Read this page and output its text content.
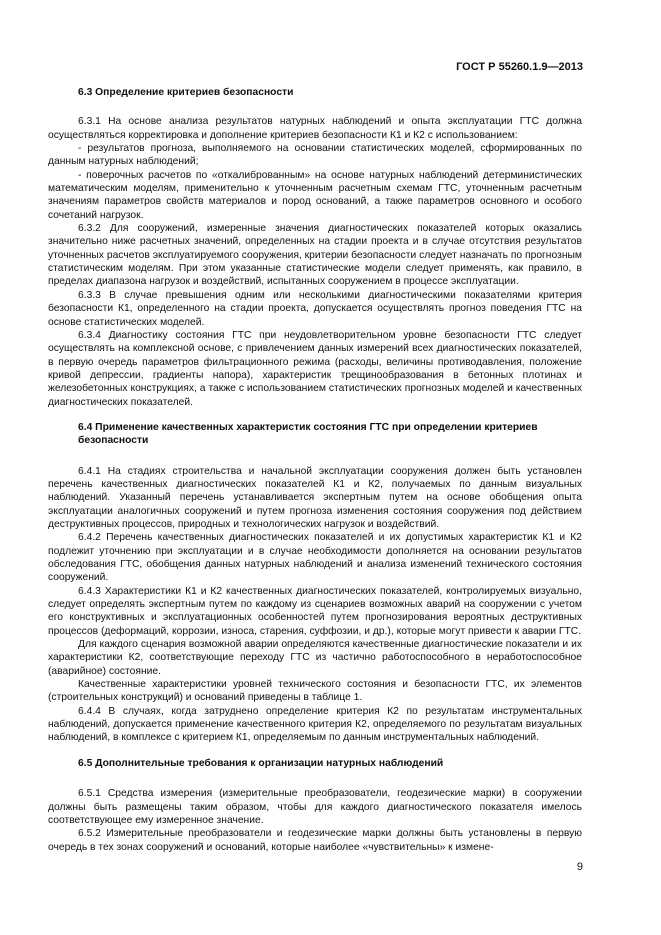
ГОСТ Р 55260.1.9—2013

6.3 Определение критериев безопасности

6.3.1 На основе анализа результатов натурных наблюдений и опыта эксплуатации ГТС должна осуществляться корректировка и дополнение критериев безопасности К1 и К2 с использованием:

- результатов прогноза, выполняемого на основании статистических моделей, сформированных по данным натурных наблюдений;

- поверочных расчетов по «откалиброванным» на основе натурных наблюдений детерминистических математическим моделям, применительно к уточненным расчетным схемам ГТС, уточненным расчетным значениям параметров свойств материалов и пород оснований, а также параметров основного и особого сочетаний нагрузок.

6.3.2 Для сооружений, измеренные значения диагностических показателей которых оказались значительно ниже расчетных значений, определенных на стадии проекта и в случае отсутствия результатов уточненных расчетов эксплуатируемого сооружения, критерии безопасности следует назначать по прогнозным статистическим моделям. При этом указанные статистические модели следует применять, как правило, в пределах диапазона нагрузок и воздействий, испытанных сооружением в процессе эксплуатации.

6.3.3 В случае превышения одним или несколькими диагностическими показателями критерия безопасности К1, определенного на стадии проекта, допускается осуществлять прогноз поведения ГТС на основе статистических моделей.

6.3.4 Диагностику состояния ГТС при неудовлетворительном уровне безопасности ГТС следует осуществлять на комплексной основе, с привлечением данных измерений всех диагностических показателей, в первую очередь параметров фильтрационного режима (расходы, величины противодавления, положение кривой депрессии, градиенты напора), характеристик трещинообразования в бетонных плотинах и железобетонных конструкциях, а также с использованием статистических прогнозных моделей и качественных диагностических показателей.

6.4 Применение качественных характеристик состояния ГТС при определении критериев безопасности

6.4.1 На стадиях строительства и начальной эксплуатации сооружения должен быть установлен перечень качественных диагностических показателей К1 и К2, получаемых по данным визуальных наблюдений. Указанный перечень устанавливается экспертным путем на основе обобщения опыта эксплуатации аналогичных сооружений и путем прогноза изменения состояния сооружения под действием деструктивных процессов, природных и технологических нагрузок и воздействий.

6.4.2 Перечень качественных диагностических показателей и их допустимых характеристик К1 и К2 подлежит уточнению при эксплуатации и в случае необходимости дополняется на основании результатов обследования ГТС, обобщения данных натурных наблюдений и анализа изменений технического состояния сооружений.

6.4.3 Характеристики К1 и К2 качественных диагностических показателей, контролируемых визуально, следует определять экспертным путем по каждому из сценариев возможных аварий на сооружении с учетом его конструктивных и эксплуатационных особенностей путем прогнозирования вероятных деструктивных процессов (деформаций, коррозии, износа, старения, суффозии, и др.), которые могут привести к аварии ГТС.

Для каждого сценария возможной аварии определяются качественные диагностические показатели и их характеристики К2, соответствующие переходу ГТС из частично работоспособного в неработоспособное (аварийное) состояние.

Качественные характеристики уровней технического состояния и безопасности ГТС, их элементов (строительных конструкций) и оснований приведены в таблице 1.

6.4.4 В случаях, когда затруднено определение критерия К2 по результатам инструментальных наблюдений, допускается применение качественного критерия К2, определяемого по результатам визуальных наблюдений, в комплексе с критерием К1, определяемым по данным инструментальных наблюдений.

6.5 Дополнительные требования к организации натурных наблюдений

6.5.1 Средства измерения (измерительные преобразователи, геодезические марки) в сооружении должны быть размещены таким образом, чтобы для каждого диагностического показателя имелось соответствующее ему измеренное значение.

6.5.2 Измерительные преобразователи и геодезические марки должны быть установлены в первую очередь в тех зонах сооружений и оснований, которые наиболее «чувствительны» к измене-

9
